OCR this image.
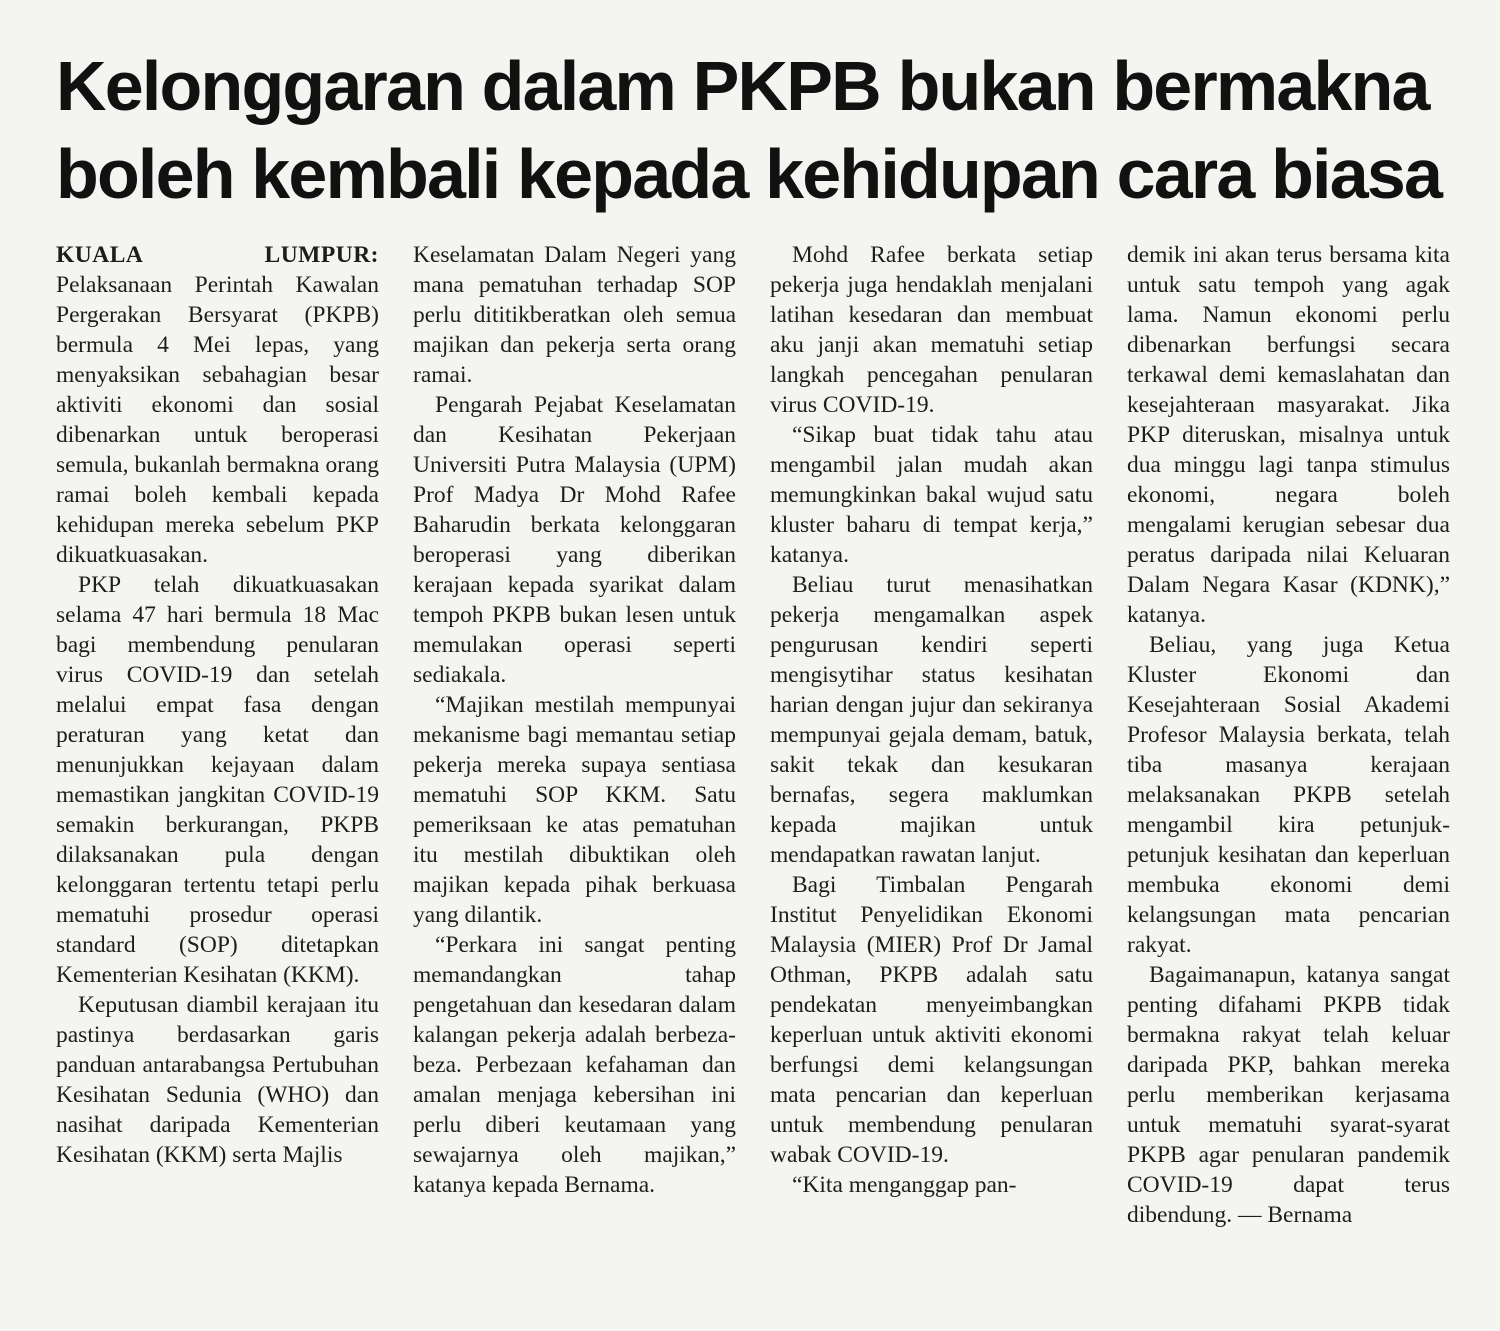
Kelonggaran dalam PKPB bukan bermakna
boleh kembali kepada kehidupan cara biasa

KUALA LUMPUR: Pelaksanaan Perintah Kawalan Pergerakan Bersyarat (PKPB) bermula 4 Mei lepas, yang menyaksikan sebahagian besar aktiviti ekonomi dan sosial dibenarkan untuk beroperasi semula, bukanlah bermakna orang ramai boleh kembali kepada kehidupan mereka sebelum PKP dikuatkuasakan.

PKP telah dikuatkuasakan selama 47 hari bermula 18 Mac bagi membendung penularan virus COVID-19 dan setelah melalui empat fasa dengan peraturan yang ketat dan menunjukkan kejayaan dalam memastikan jangkitan COVID-19 semakin berkurangan, PKPB dilaksanakan pula dengan kelonggaran tertentu tetapi perlu mematuhi prosedur operasi standard (SOP) ditetapkan Kementerian Kesihatan (KKM).

Keputusan diambil kerajaan itu pastinya berdasarkan garis panduan antarabangsa Pertubuhan Kesihatan Sedunia (WHO) dan nasihat daripada Kementerian Kesihatan (KKM) serta Majlis

Keselamatan Dalam Negeri yang mana pematuhan terhadap SOP perlu dititikberatkan oleh semua majikan dan pekerja serta orang ramai.

Pengarah Pejabat Keselamatan dan Kesihatan Pekerjaan Universiti Putra Malaysia (UPM) Prof Madya Dr Mohd Rafee Baharudin berkata kelonggaran beroperasi yang diberikan kerajaan kepada syarikat dalam tempoh PKPB bukan lesen untuk memulakan operasi seperti sediakala.

“Majikan mestilah mempunyai mekanisme bagi memantau setiap pekerja mereka supaya sentiasa mematuhi SOP KKM. Satu pemeriksaan ke atas pematuhan itu mestilah dibuktikan oleh majikan kepada pihak berkuasa yang dilantik.

“Perkara ini sangat penting memandangkan tahap pengetahuan dan kesedaran dalam kalangan pekerja adalah berbeza-beza. Perbezaan kefahaman dan amalan menjaga kebersihan ini perlu diberi keutamaan yang sewajarnya oleh majikan,” katanya kepada Bernama.

Mohd Rafee berkata setiap pekerja juga hendaklah menjalani latihan kesedaran dan membuat aku janji akan mematuhi setiap langkah pencegahan penularan virus COVID-19.

“Sikap buat tidak tahu atau mengambil jalan mudah akan memungkinkan bakal wujud satu kluster baharu di tempat kerja,” katanya.

Beliau turut menasihatkan pekerja mengamalkan aspek pengurusan kendiri seperti mengisytihar status kesihatan harian dengan jujur dan sekiranya mempunyai gejala demam, batuk, sakit tekak dan kesukaran bernafas, segera maklumkan kepada majikan untuk mendapatkan rawatan lanjut.

Bagi Timbalan Pengarah Institut Penyelidikan Ekonomi Malaysia (MIER) Prof Dr Jamal Othman, PKPB adalah satu pendekatan menyeimbangkan keperluan untuk aktiviti ekonomi berfungsi demi kelangsungan mata pencarian dan keperluan untuk membendung penularan wabak COVID-19.

“Kita menganggap pan-

demik ini akan terus bersama kita untuk satu tempoh yang agak lama. Namun ekonomi perlu dibenarkan berfungsi secara terkawal demi kemaslahatan dan kesejahteraan masyarakat. Jika PKP diteruskan, misalnya untuk dua minggu lagi tanpa stimulus ekonomi, negara boleh mengalami kerugian sebesar dua peratus daripada nilai Keluaran Dalam Negara Kasar (KDNK),” katanya.

Beliau, yang juga Ketua Kluster Ekonomi dan Kesejahteraan Sosial Akademi Profesor Malaysia berkata, telah tiba masanya kerajaan melaksanakan PKPB setelah mengambil kira petunjuk-petunjuk kesihatan dan keperluan membuka ekonomi demi kelangsungan mata pencarian rakyat.

Bagaimanapun, katanya sangat penting difahami PKPB tidak bermakna rakyat telah keluar daripada PKP, bahkan mereka perlu memberikan kerjasama untuk mematuhi syarat-syarat PKPB agar penularan pandemik COVID-19 dapat terus dibendung. — Bernama
